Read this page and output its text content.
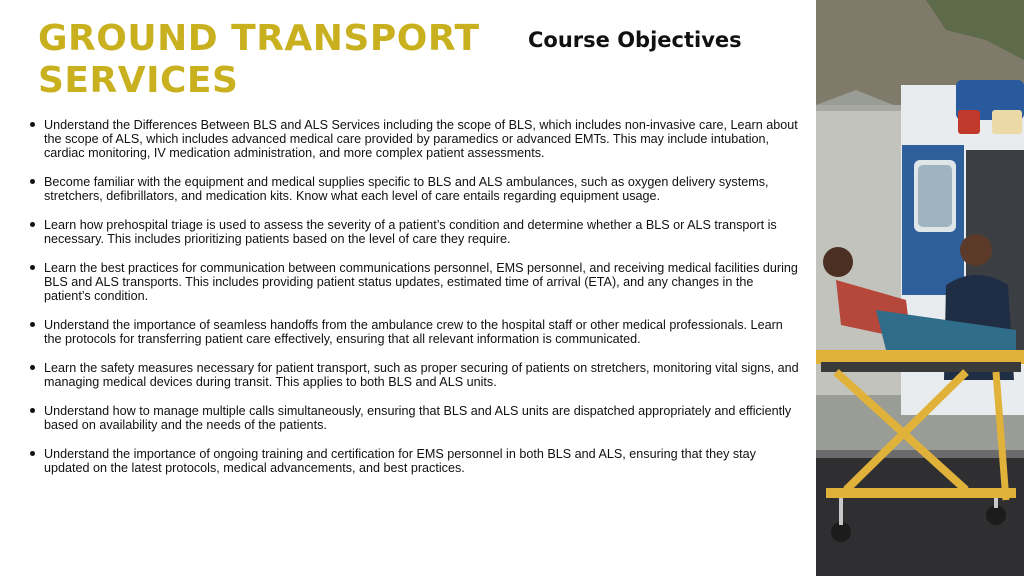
GROUND TRANSPORT SERVICES
Course Objectives
Understand the Differences Between BLS and ALS Services including the scope of BLS, which includes non-invasive care, Learn about the scope of ALS, which includes advanced medical care provided by paramedics or advanced EMTs. This may include intubation, cardiac monitoring, IV medication administration, and more complex patient assessments.
Become familiar with the equipment and medical supplies specific to BLS and ALS ambulances, such as oxygen delivery systems, stretchers, defibrillators, and medication kits. Know what each level of care entails regarding equipment usage.
Learn how prehospital triage is used to assess the severity of a patient’s condition and determine whether a BLS or ALS transport is necessary. This includes prioritizing patients based on the level of care they require.
Learn the best practices for communication between communications personnel, EMS personnel, and receiving medical facilities during BLS and ALS transports. This includes providing patient status updates, estimated time of arrival (ETA), and any changes in the patient’s condition.
Understand the importance of seamless handoffs from the ambulance crew to the hospital staff or other medical professionals. Learn the protocols for transferring patient care effectively, ensuring that all relevant information is communicated.
Learn the safety measures necessary for patient transport, such as proper securing of patients on stretchers, monitoring vital signs, and managing medical devices during transit. This applies to both BLS and ALS units.
Understand how to manage multiple calls simultaneously, ensuring that BLS and ALS units are dispatched appropriately and efficiently based on availability and the needs of the patients.
Understand the importance of ongoing training and certification for EMS personnel in both BLS and ALS, ensuring that they stay updated on the latest protocols, medical advancements, and best practices.
